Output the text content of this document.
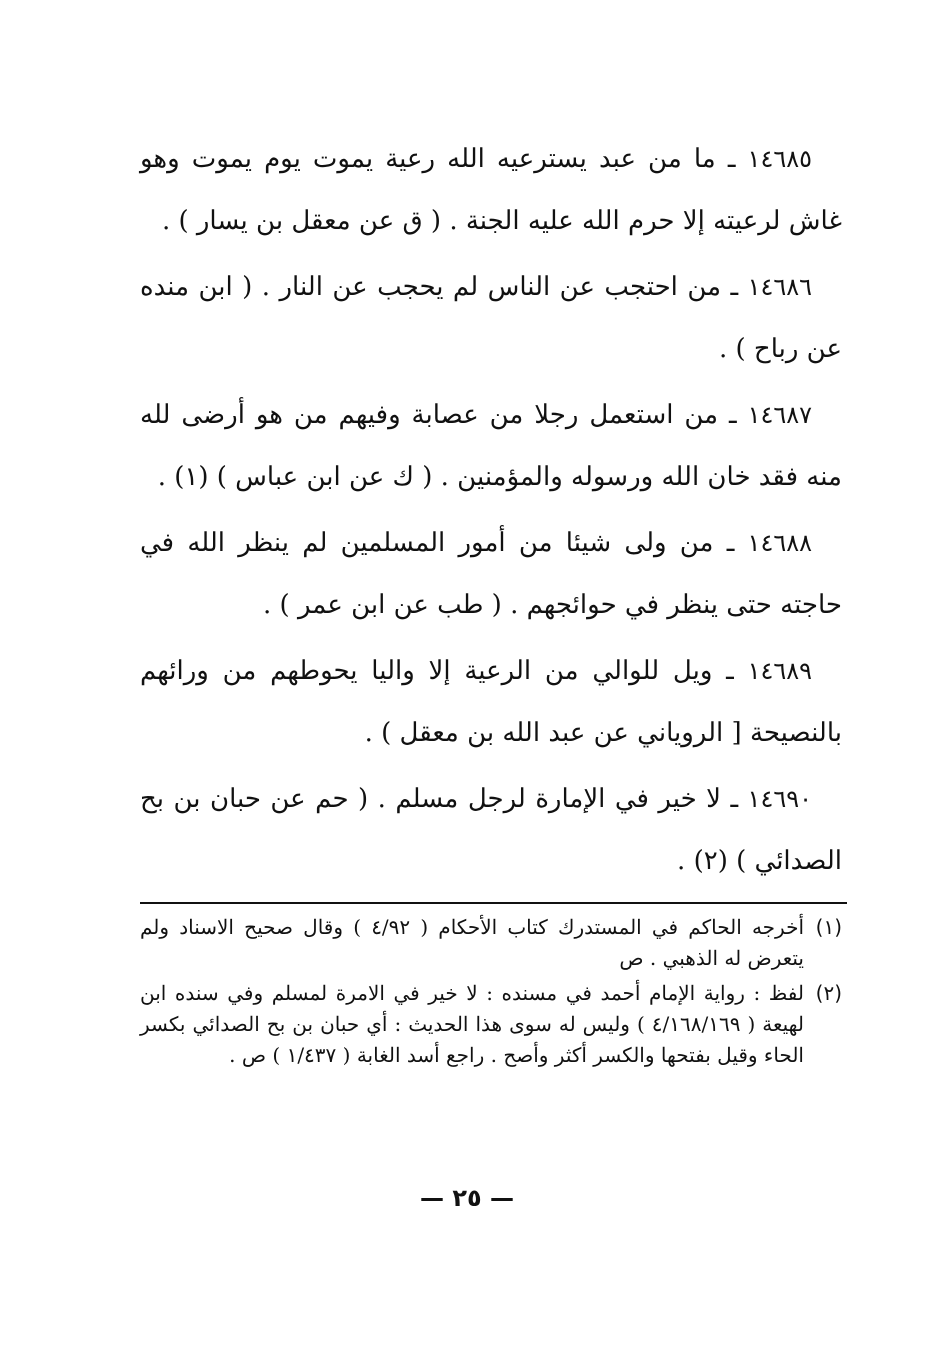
١٤٦٨٥ ـ ما من عبد يسترعيه الله رعية يموت يوم يموت وهو غاش لرعيته إلا حرم الله عليه الجنة . ( ق عن معقل بن يسار ) .

١٤٦٨٦ ـ من احتجب عن الناس لم يحجب عن النار . ( ابن منده عن رباح ) .

١٤٦٨٧ ـ من استعمل رجلا من عصابة وفيهم من هو أرضى لله منه فقد خان الله ورسوله والمؤمنين . ( ك عن ابن عباس ) (١) .

١٤٦٨٨ ـ من ولى شيئا من أمور المسلمين لم ينظر الله في حاجته حتى ينظر في حوائجهم . ( طب عن ابن عمر ) .

١٤٦٨٩ ـ ويل للوالي من الرعية إلا واليا يحوطهم من ورائهم بالنصيحة [ الروياني عن عبد الله بن معقل ) .

١٤٦٩٠ ـ لا خير في الإمارة لرجل مسلم . ( حم عن حبان بن بح الصدائي ) (٢) .

(١)
أخرجه الحاكم في المستدرك كتاب الأحكام ( ٤/٩٢ ) وقال صحيح الاسناد ولم يتعرض له الذهبي . ص
(٢)
لفظ : رواية الإمام أحمد في مسنده : لا خير في الامرة لمسلم وفي سنده ابن لهيعة ( ٤/١٦٨/١٦٩ ) وليس له سوى هذا الحديث : أي حبان بن بح الصدائي بكسر الحاء وقيل بفتحها والكسر أكثر وأصح . راجع أسد الغابة ( ١/٤٣٧ ) ص .
— ٢٥ —
